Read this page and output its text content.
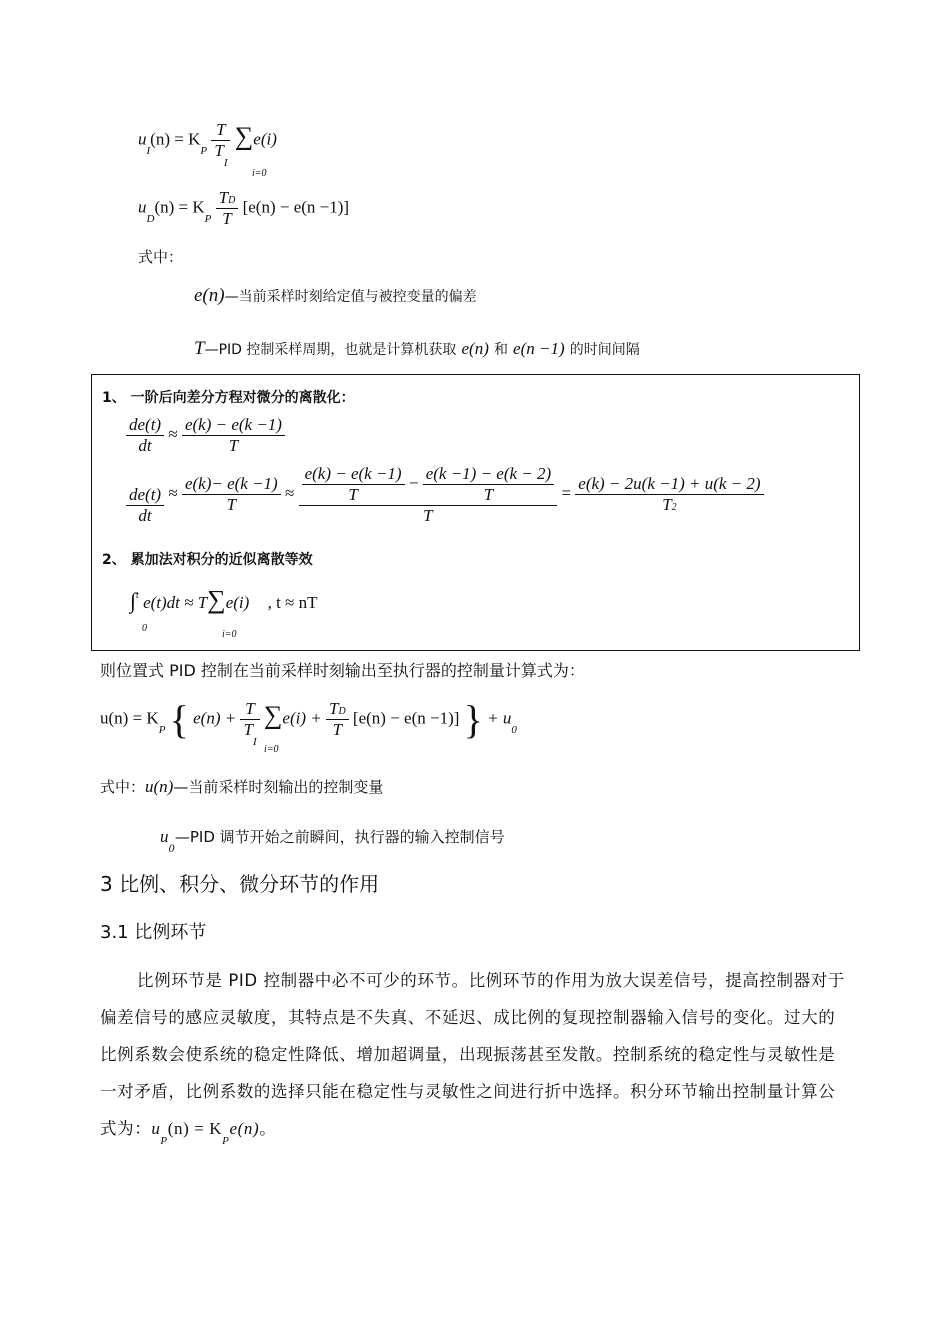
$u_I(n) = K_P \frac{T}{T_I} \sum e(i)$
i=0
$u_D(n) = K_P \frac{TD}{T} [e(n) - e(n -1)]$
式中：
e(n)—当前采样时刻给定值与被控变量的偏差
T—PID 控制采样周期，也就是计算机获取 e(n) 和 e(n −1) 的时间间隔
1、 一阶后向差分方程对微分的离散化：
$\frac{de(t)}{dt} \approx \frac{e(k) - e(k -1)}{T}$
$\frac{de(t)}{dt} \approx \frac{e(k)- e(k -1)}{T} \approx \frac{\frac{e(k) - e(k -1)}{T} - \frac{e(k -1) - e(k - 2)}{T}}{T} = \frac{e(k) - 2u(k -1) + u(k - 2)}{T2}$
2、 累加法对积分的近似离散等效
∫$^t$ e(t)dt ≈ T∑e(i) , t ≈ nT
0
i=0
则位置式 PID 控制在当前采样时刻输出至执行器的控制量计算式为：
$u(n) = K_P$ { $e(n) + \frac{T}{T_I} \sum e(i) + \frac{TD}{T} [e(n) - e(n -1)]$ } + $u_0$
i=0
式中：u(n)—当前采样时刻输出的控制变量
$u_0—PID$ 调节开始之前瞬间，执行器的输入控制信号
3 比例、积分、微分环节的作用
3.1 比例环节
比例环节是 PID 控制器中必不可少的环节。比例环节的作用为放大误差信号，提高控制器对于偏差信号的感应灵敏度，其特点是不失真、不延迟、成比例的复现控制器输入信号的变化。过大的比例系数会使系统的稳定性降低、增加超调量，出现振荡甚至发散。控制系统的稳定性与灵敏性是一对矛盾，比例系数的选择只能在稳定性与灵敏性之间进行折中选择。积分环节输出控制量计算公式为：$u_P(n) = K_Pe(n)$。
